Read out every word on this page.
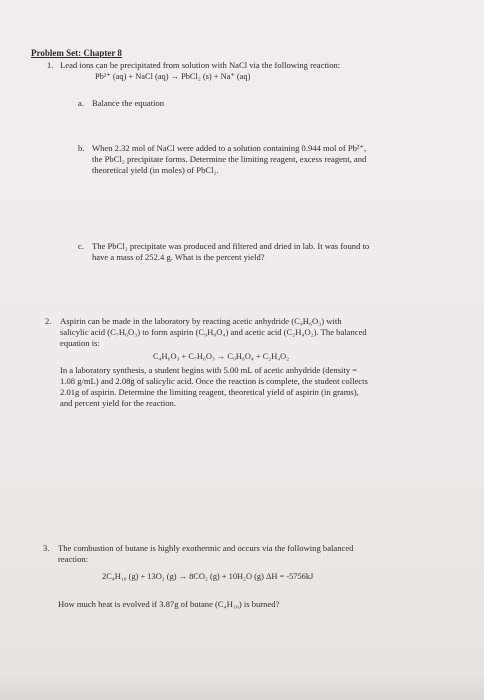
Problem Set: Chapter 8
1. Lead ions can be precipitated from solution with NaCl via the following reaction:
Pb²⁺ (aq) + NaCl (aq) → PbCl₂ (s) + Na⁺ (aq)
a. Balance the equation
b. When 2.32 mol of NaCl were added to a solution containing 0.944 mol of Pb²⁺,
the PbCl₂ precipitate forms. Determine the limiting reagent, excess reagent, and
theoretical yield (in moles) of PbCl₂.
c. The PbCl₂ precipitate was produced and filtered and dried in lab. It was found to
have a mass of 252.4 g. What is the percent yield?
2. Aspirin can be made in the laboratory by reacting acetic anhydride (C₄H₆O₃) with
salicylic acid (C₇H₆O₃) to form aspirin (C₉H₈O₄) and acetic acid (C₂H₄O₂). The balanced
equation is:
C₄H₆O₃ + C₇H₆O₃ → C₉H₈O₄ + C₂H₄O₂
In a laboratory synthesis, a student begins with 5.00 mL of acetic anhydride (density =
1.08 g/mL) and 2.08g of salicylic acid. Once the reaction is complete, the student collects
2.01g of aspirin. Determine the limiting reagent, theoretical yield of aspirin (in grams),
and percent yield for the reaction.
3. The combustion of butane is highly exothermic and occurs via the following balanced
reaction:
2C₄H₁₀ (g) + 13O₂ (g) → 8CO₂ (g) + 10H₂O (g) ΔH = -5756kJ
How much heat is evolved if 3.87g of butane (C₄H₁₀) is burned?
